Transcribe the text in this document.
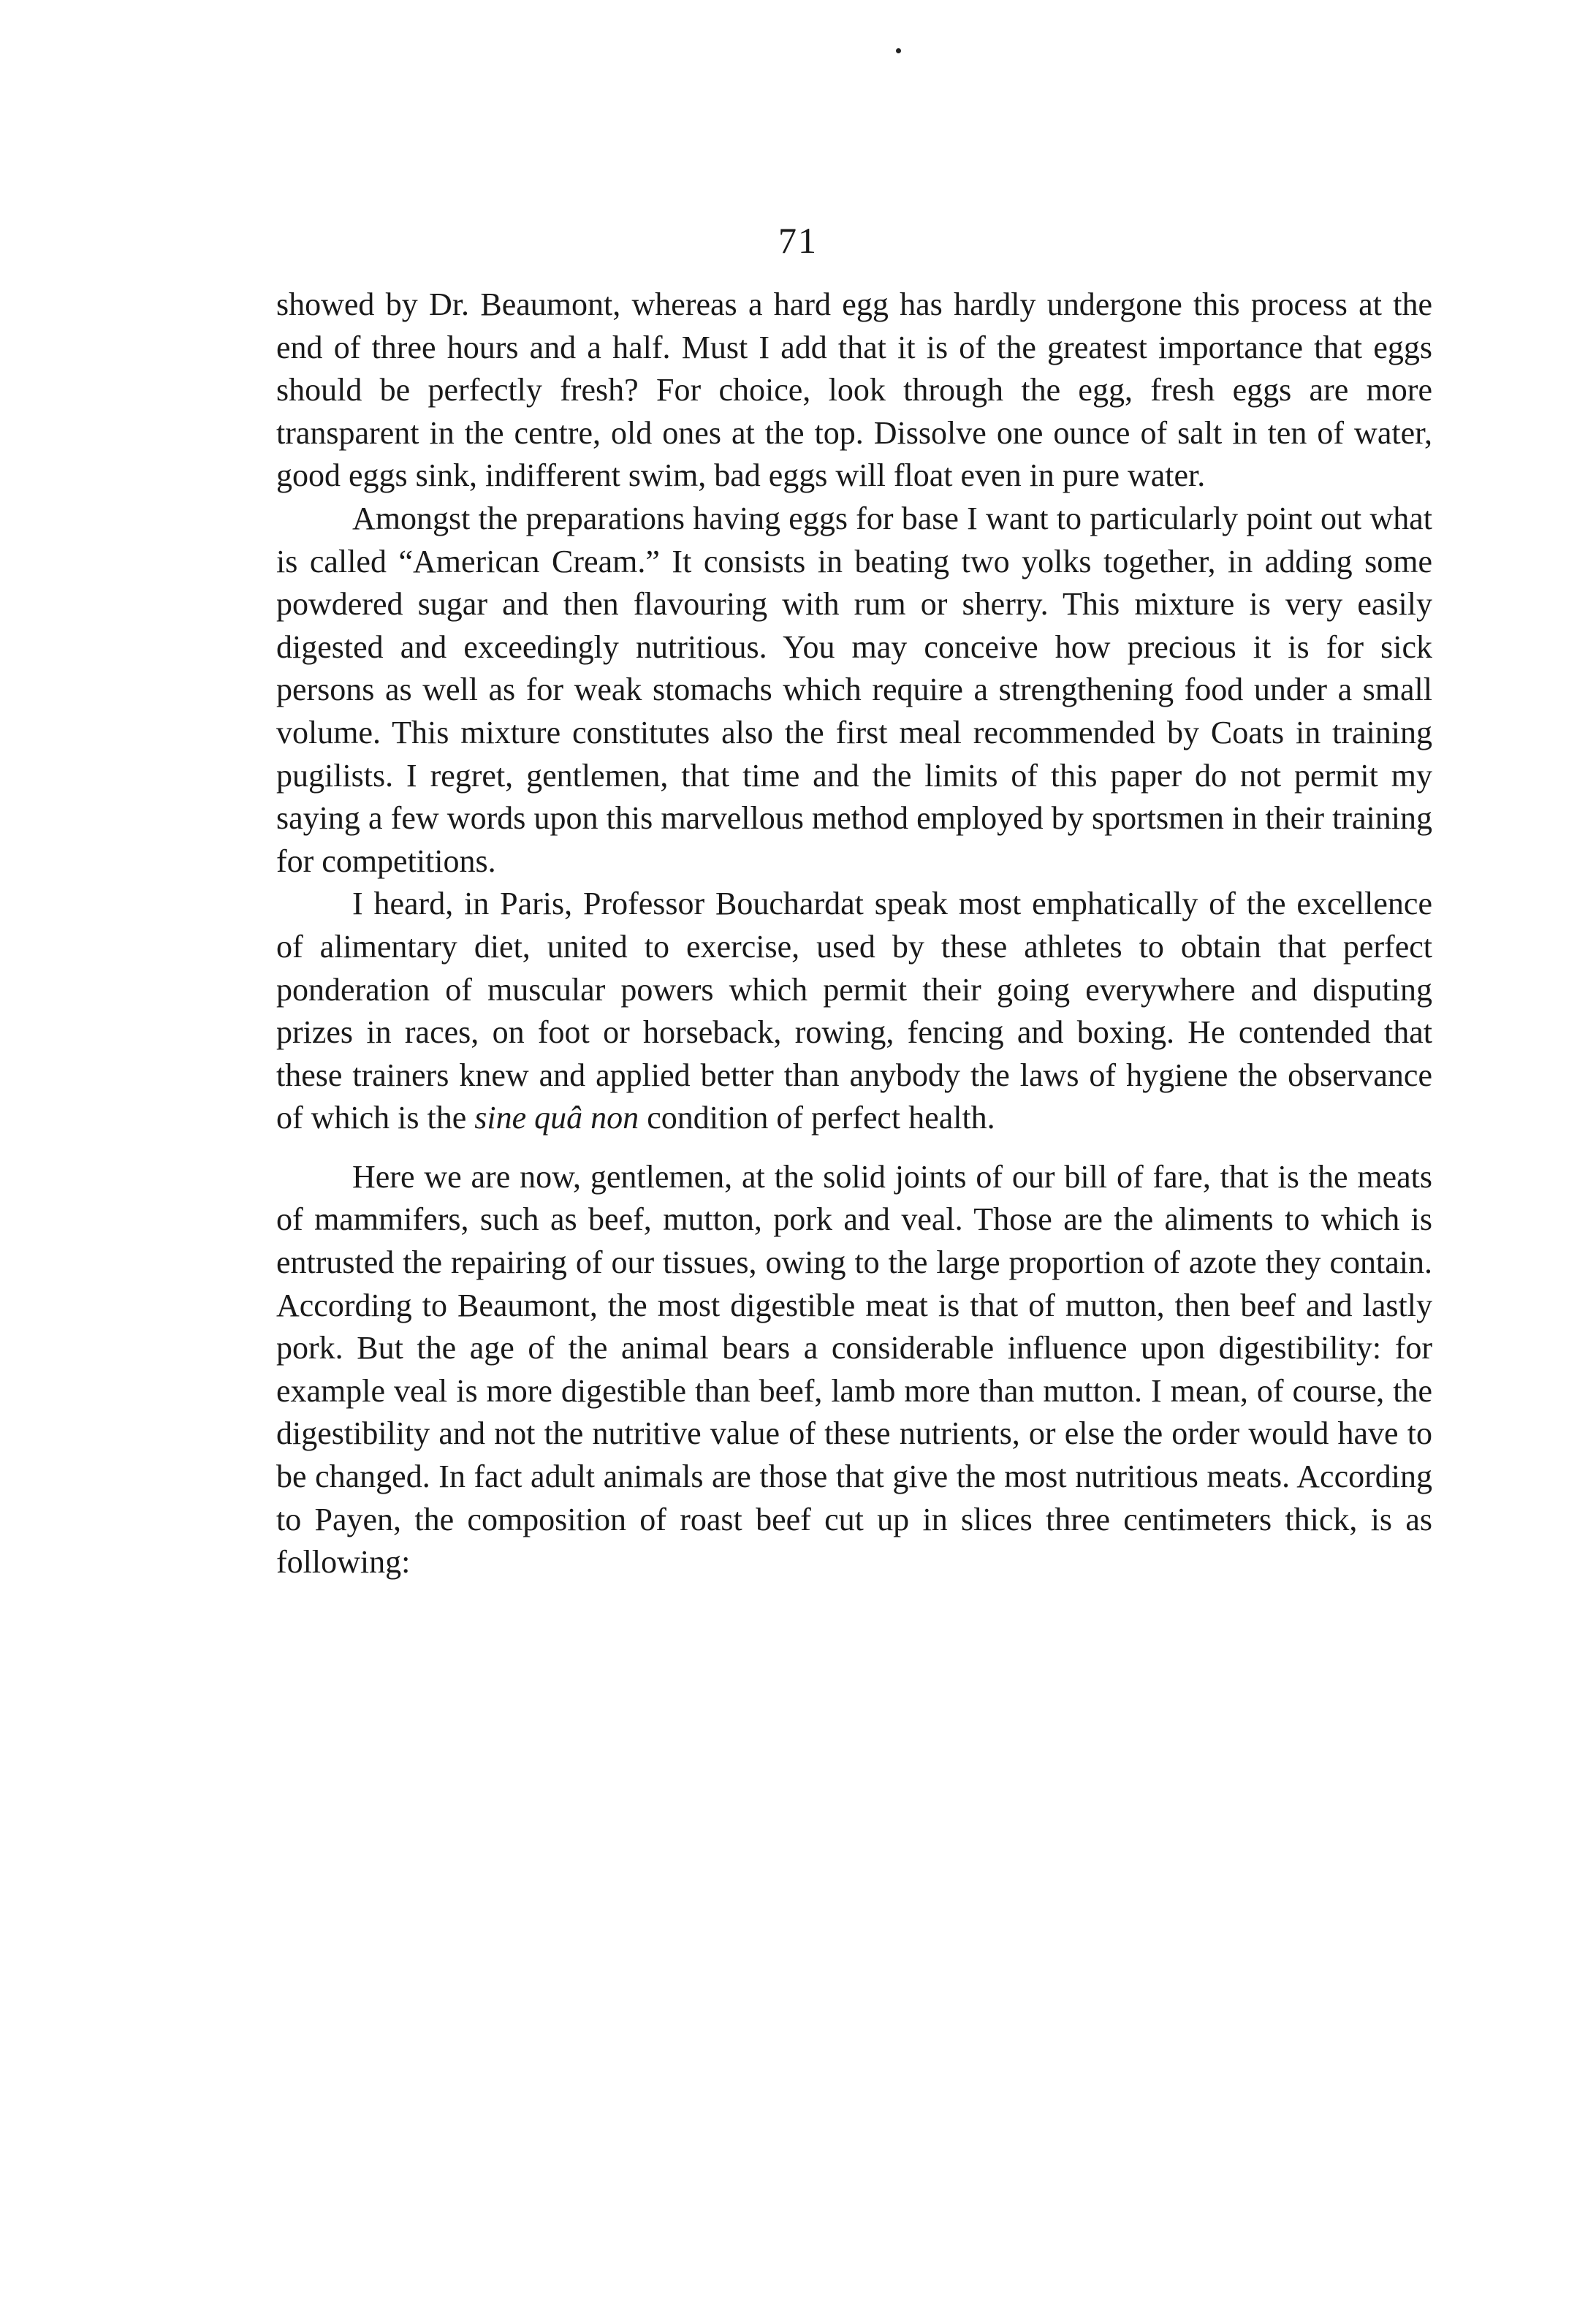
71

showed by Dr. Beaumont, whereas a hard egg has hardly undergone this process at the end of three hours and a half. Must I add that it is of the greatest importance that eggs should be perfectly fresh? For choice, look through the egg, fresh eggs are more transparent in the centre, old ones at the top. Dissolve one ounce of salt in ten of water, good eggs sink, indifferent swim, bad eggs will float even in pure water.

Amongst the preparations having eggs for base I want to particularly point out what is called “American Cream.” It consists in beating two yolks together, in adding some powdered sugar and then flavouring with rum or sherry. This mixture is very easily digested and exceedingly nutritious. You may conceive how precious it is for sick persons as well as for weak stomachs which require a strengthening food under a small volume. This mixture constitutes also the first meal recommended by Coats in training pugilists. I regret, gentlemen, that time and the limits of this paper do not permit my saying a few words upon this marvellous method employed by sportsmen in their training for competitions.

I heard, in Paris, Professor Bouchardat speak most emphatically of the excellence of alimentary diet, united to exercise, used by these athletes to obtain that perfect ponderation of muscular powers which permit their going everywhere and disputing prizes in races, on foot or horseback, rowing, fencing and boxing. He contended that these trainers knew and applied better than anybody the laws of hygiene the observance of which is the sine quâ non condition of perfect health.

Here we are now, gentlemen, at the solid joints of our bill of fare, that is the meats of mammifers, such as beef, mutton, pork and veal. Those are the aliments to which is entrusted the repairing of our tissues, owing to the large proportion of azote they contain. According to Beaumont, the most digestible meat is that of mutton, then beef and lastly pork. But the age of the animal bears a considerable influence upon digestibility: for example veal is more digestible than beef, lamb more than mutton. I mean, of course, the digestibility and not the nutritive value of these nutrients, or else the order would have to be changed. In fact adult animals are those that give the most nutritious meats. According to Payen, the composition of roast beef cut up in slices three centimeters thick, is as following:
